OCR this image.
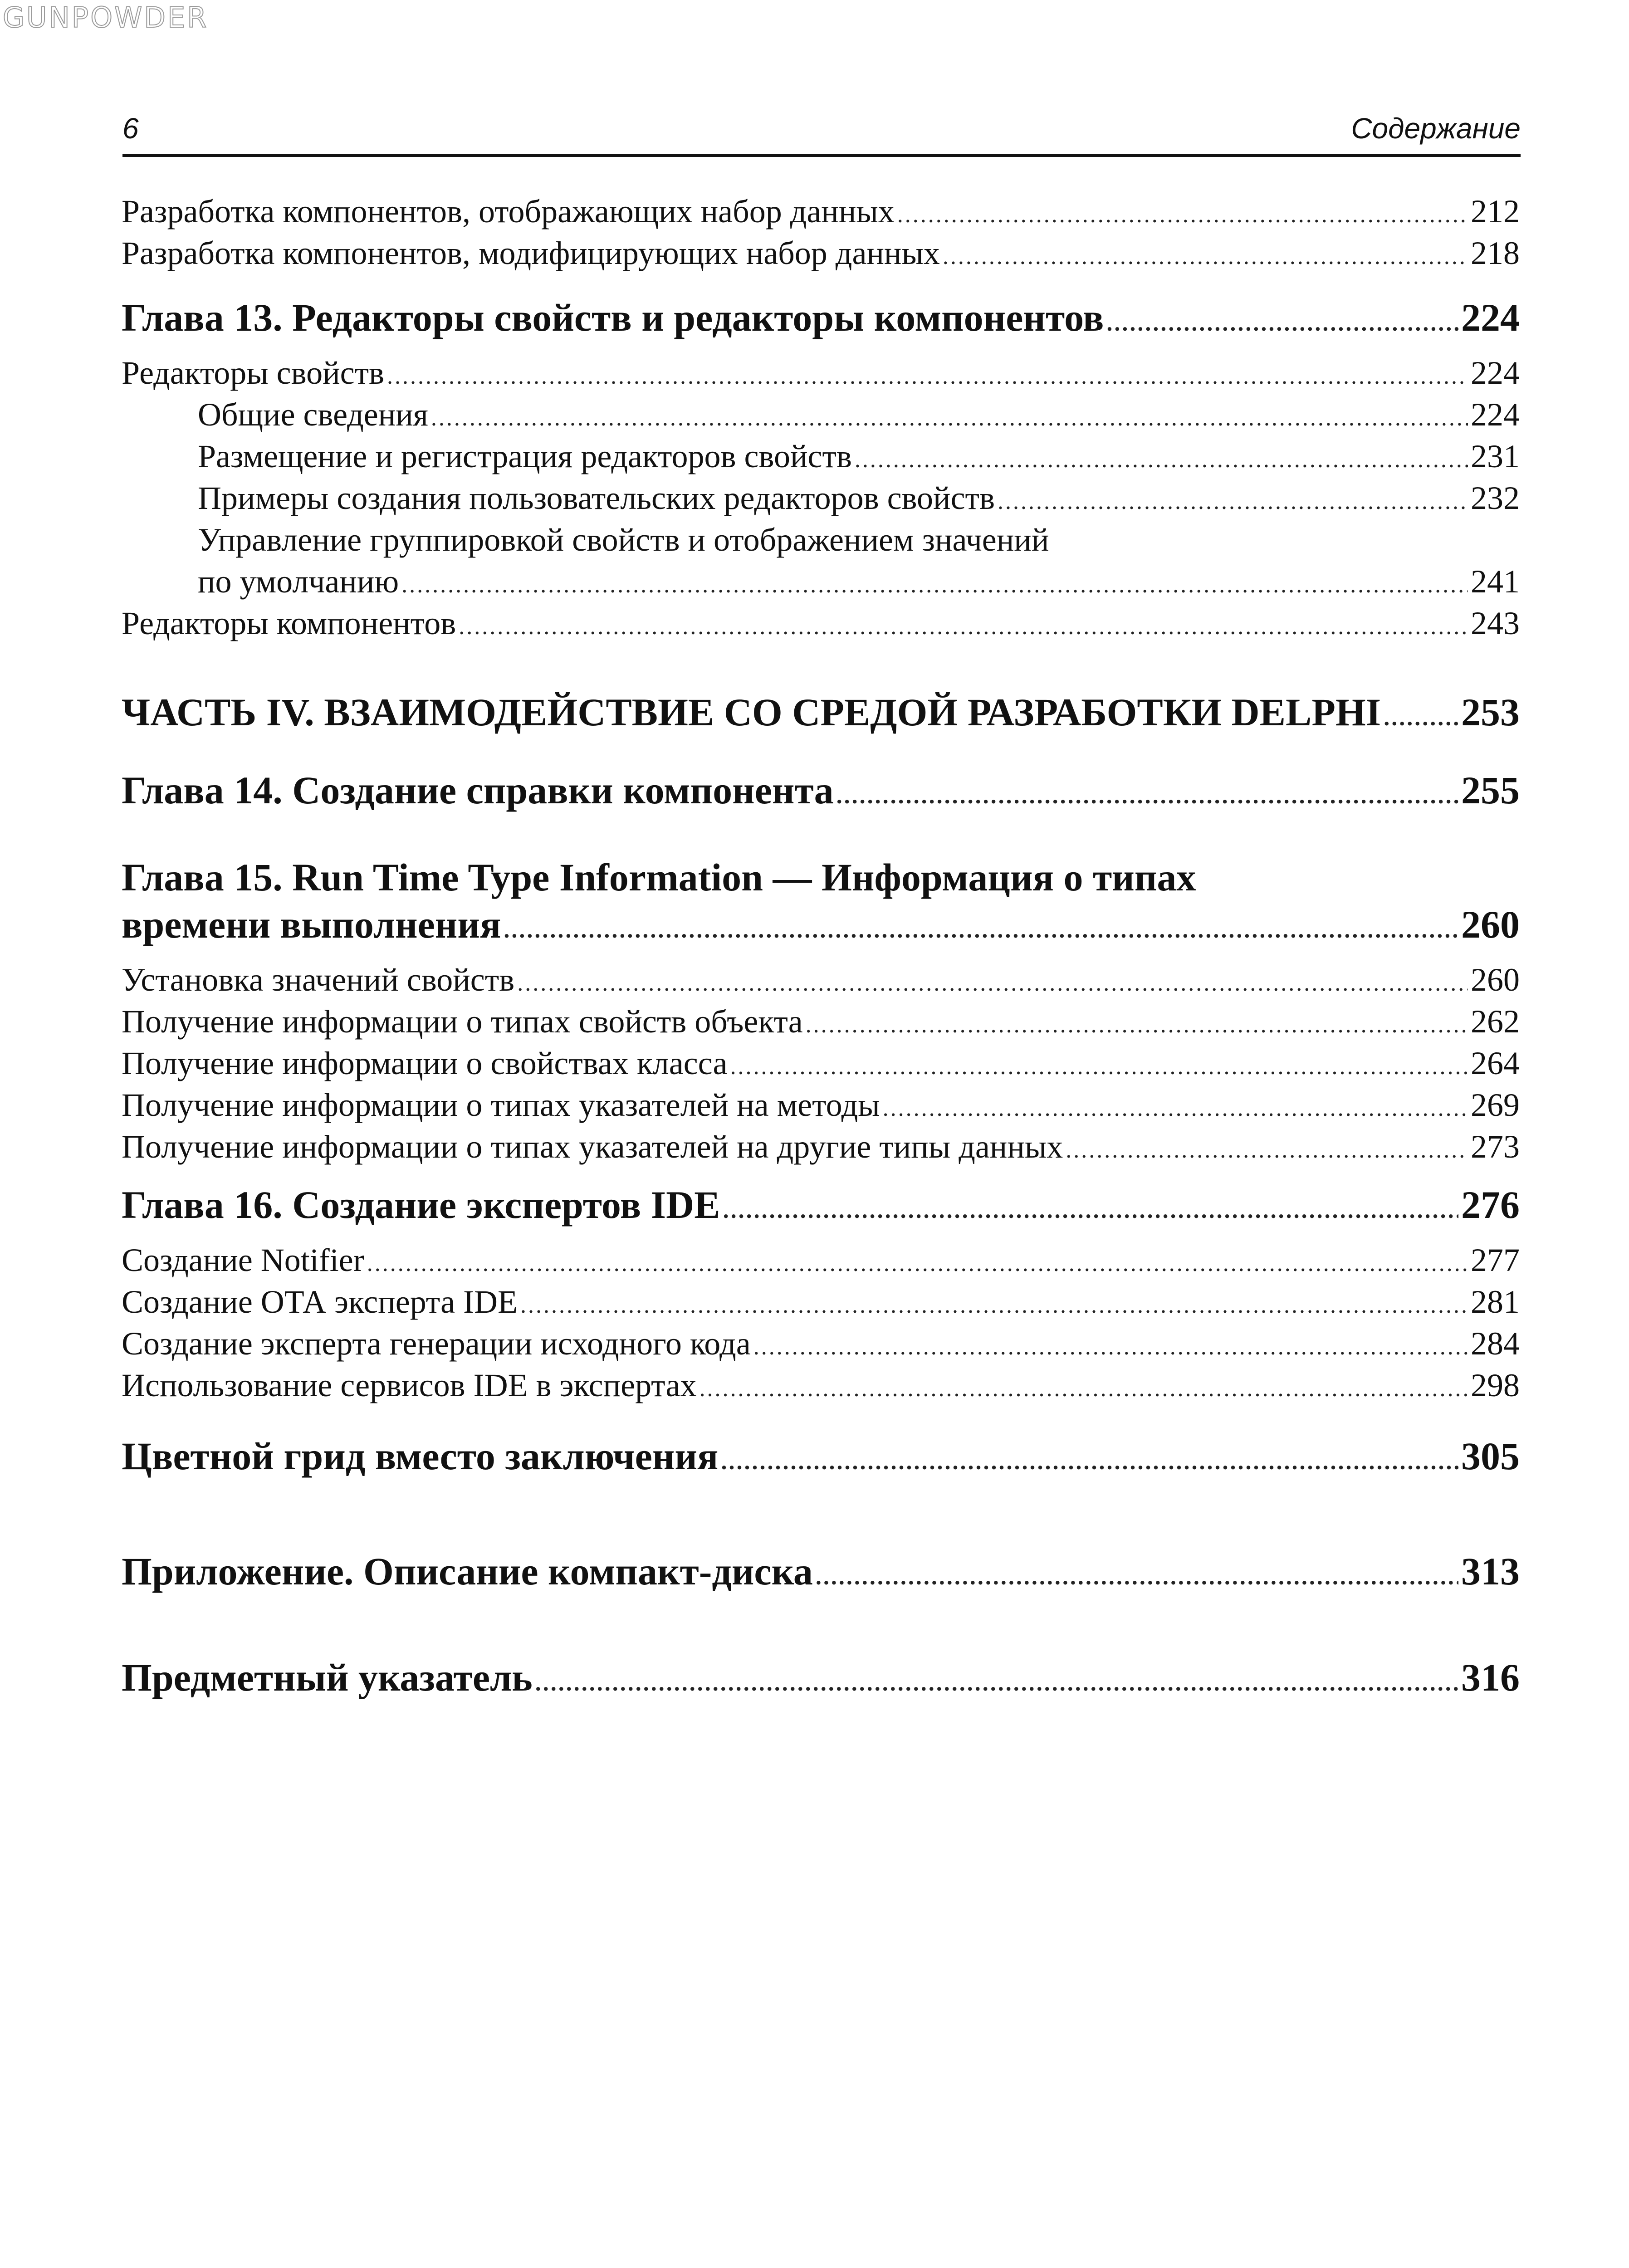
GUNPOWDER
6	Содержание
Разработка компонентов, отображающих набор данных .....	212
Разработка компонентов, модифицирующих набор данных .....	218
Глава 13. Редакторы свойств и редакторы компонентов .....	224
Редакторы свойств .....	224
Общие сведения .....	224
Размещение и регистрация редакторов свойств .....	231
Примеры создания пользовательских редакторов свойств .....	232
Управление группировкой свойств и отображением значений
по умолчанию .....	241
Редакторы компонентов .....	243
ЧАСТЬ IV. ВЗАИМОДЕЙСТВИЕ СО СРЕДОЙ РАЗРАБОТКИ DELPHI ..... 253
Глава 14. Создание справки компонента .....	255
Глава 15. Run Time Type Information — Информация о типах
времени выполнения .....	260
Установка значений свойств .....	260
Получение информации о типах свойств объекта .....	262
Получение информации о свойствах класса .....	264
Получение информации о типах указателей на методы .....	269
Получение информации о типах указателей на другие типы данных .....	273
Глава 16. Создание экспертов IDE .....	276
Создание Notifier .....	277
Создание ОТА эксперта IDE .....	281
Создание эксперта генерации исходного кода .....	284
Использование сервисов IDE в экспертах .....	298
Цветной грид вместо заключения .....	305
Приложение. Описание компакт-диска .....	313
Предметный указатель .....	316
